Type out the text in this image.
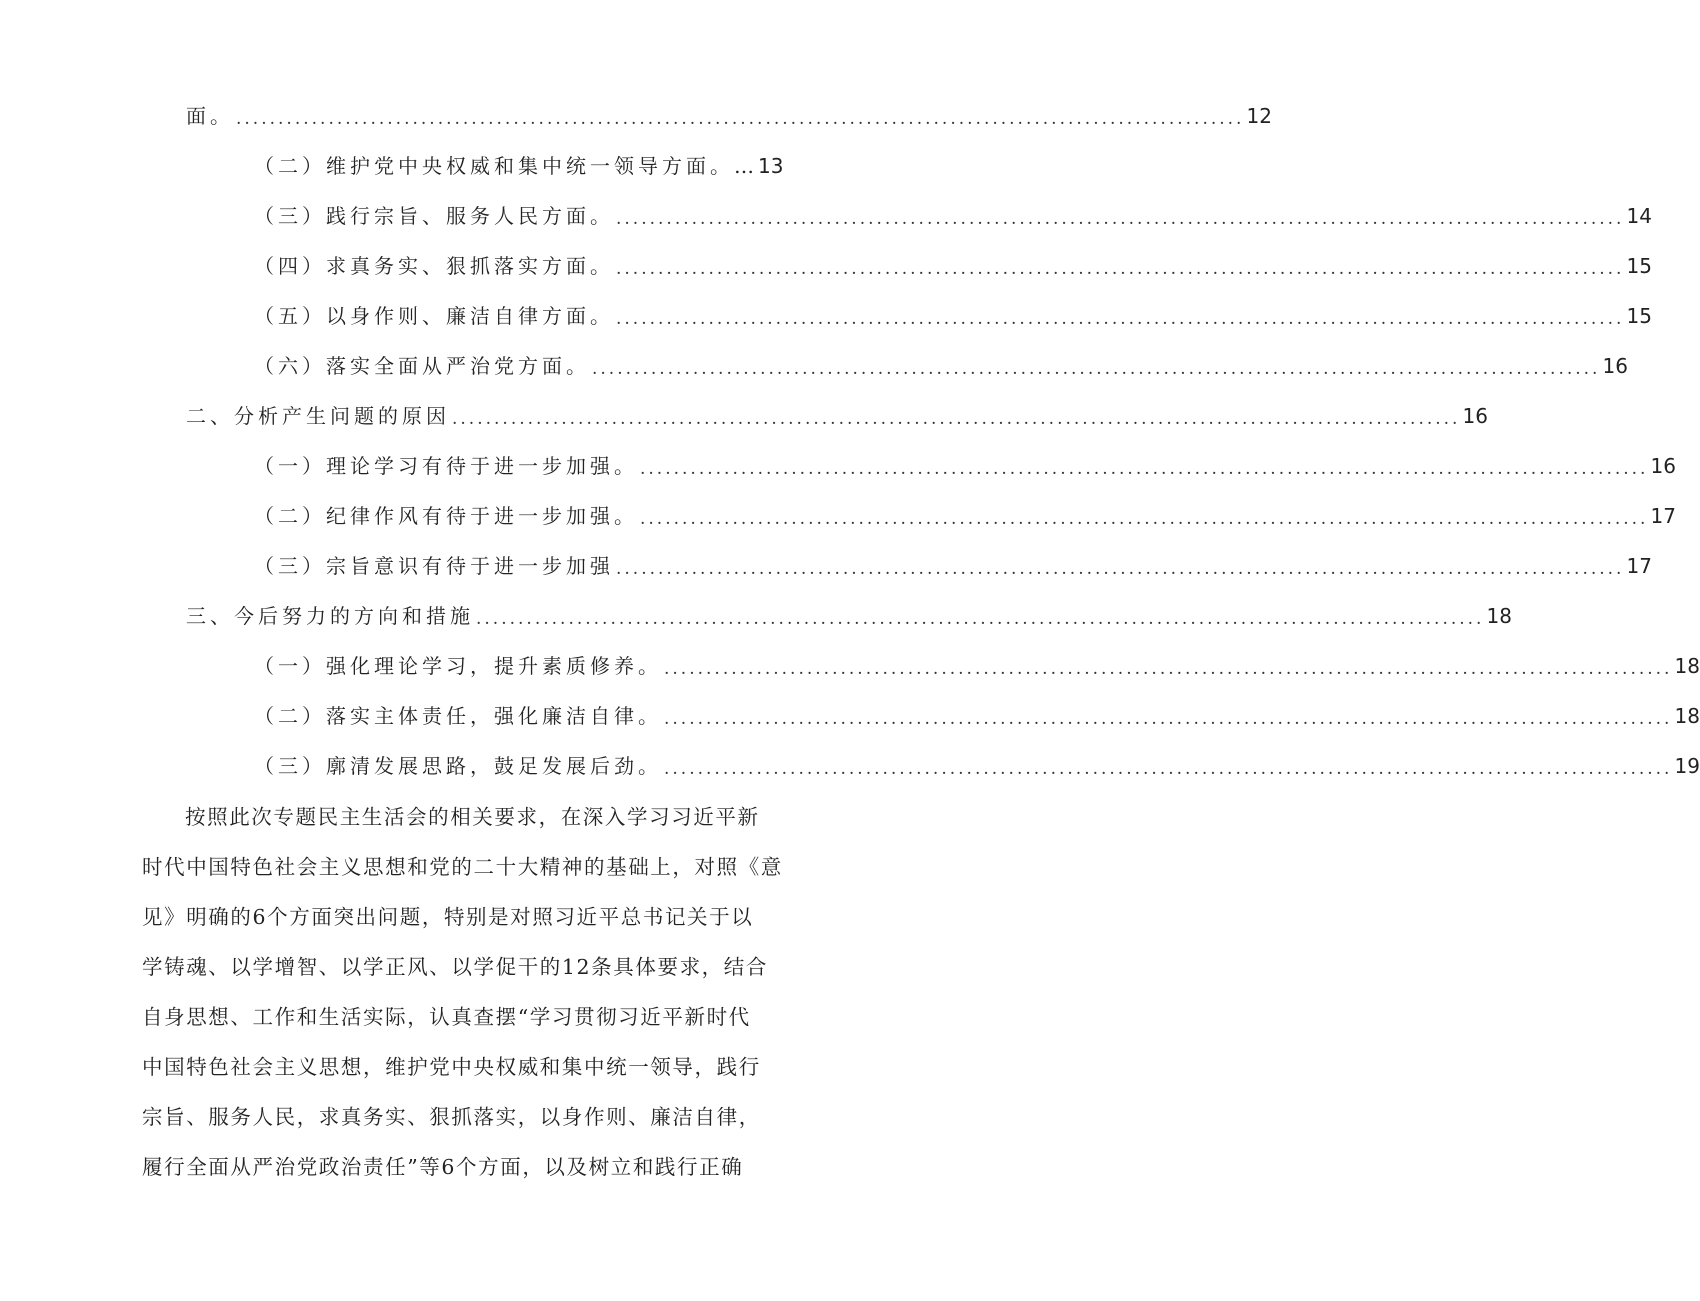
面。 ........................................................................................................................ 12
（二）维护党中央权威和集中统一领导方面。… 13
（三）践行宗旨、服务人民方面。 ........................................................................................................................ 14
（四）求真务实、狠抓落实方面。 ........................................................................................................................ 15
（五）以身作则、廉洁自律方面。 ........................................................................................................................ 15
（六）落实全面从严治党方面。 ........................................................................................................................ 16
二、分析产生问题的原因 ........................................................................................................................ 16
（一）理论学习有待于进一步加强。 ........................................................................................................................ 16
（二）纪律作风有待于进一步加强。 ........................................................................................................................ 17
（三）宗旨意识有待于进一步加强 ........................................................................................................................ 17
三、今后努力的方向和措施 ........................................................................................................................ 18
（一）强化理论学习，提升素质修养。 ........................................................................................................................ 18
（二）落实主体责任，强化廉洁自律。 ........................................................................................................................ 18
（三）廓清发展思路，鼓足发展后劲。 ........................................................................................................................ 19
按照此次专题民主生活会的相关要求，在深入学习习近平新
时代中国特色社会主义思想和党的二十大精神的基础上，对照《意
见》明确的6个方面突出问题，特别是对照习近平总书记关于以
学铸魂、以学增智、以学正风、以学促干的12条具体要求，结合
自身思想、工作和生活实际，认真查摆“学习贯彻习近平新时代
中国特色社会主义思想，维护党中央权威和集中统一领导，践行
宗旨、服务人民，求真务实、狠抓落实，以身作则、廉洁自律，
履行全面从严治党政治责任”等6个方面，以及树立和践行正确
